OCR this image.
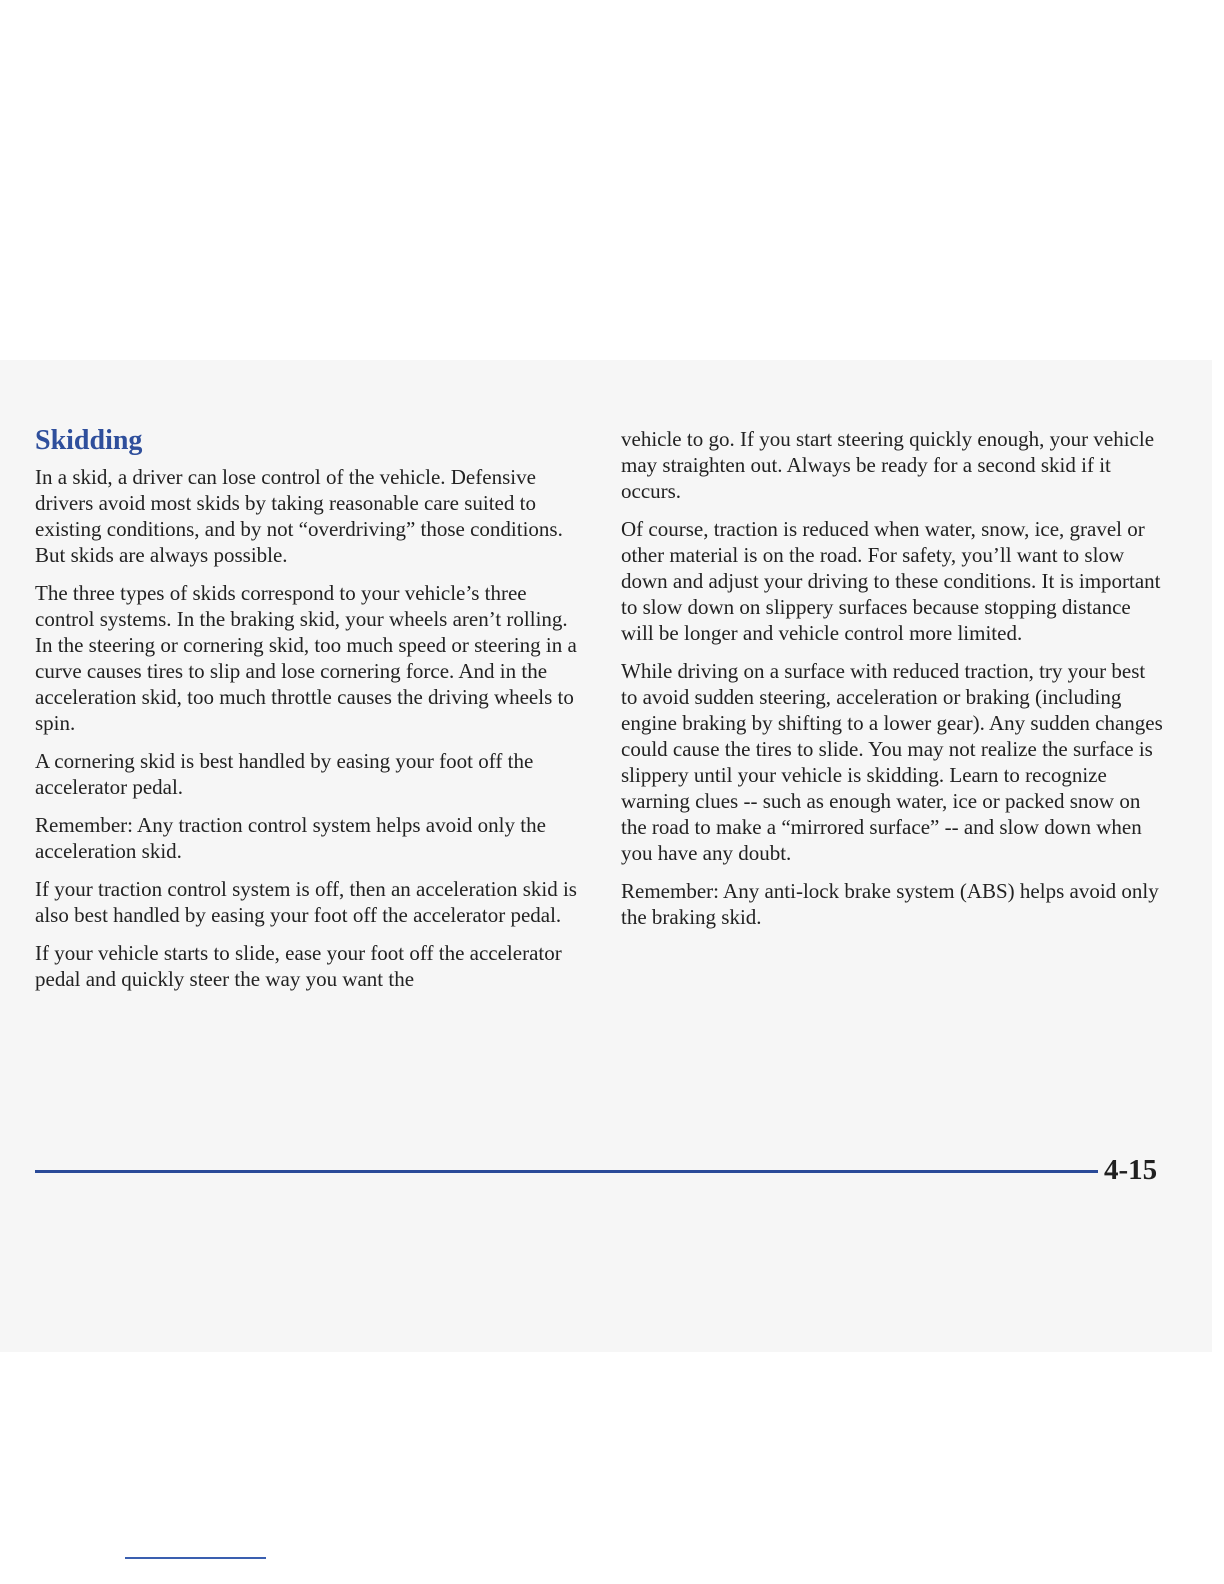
Skidding

In a skid, a driver can lose control of the vehicle. Defensive drivers avoid most skids by taking reasonable care suited to existing conditions, and by not “overdriving” those conditions. But skids are always possible.

The three types of skids correspond to your vehicle’s three control systems. In the braking skid, your wheels aren’t rolling. In the steering or cornering skid, too much speed or steering in a curve causes tires to slip and lose cornering force. And in the acceleration skid, too much throttle causes the driving wheels to spin.

A cornering skid is best handled by easing your foot off the accelerator pedal.

Remember: Any traction control system helps avoid only the acceleration skid.

If your traction control system is off, then an acceleration skid is also best handled by easing your foot off the accelerator pedal.

If your vehicle starts to slide, ease your foot off the accelerator pedal and quickly steer the way you want the

vehicle to go. If you start steering quickly enough, your vehicle may straighten out. Always be ready for a second skid if it occurs.

Of course, traction is reduced when water, snow, ice, gravel or other material is on the road. For safety, you’ll want to slow down and adjust your driving to these conditions. It is important to slow down on slippery surfaces because stopping distance will be longer and vehicle control more limited.

While driving on a surface with reduced traction, try your best to avoid sudden steering, acceleration or braking (including engine braking by shifting to a lower gear). Any sudden changes could cause the tires to slide. You may not realize the surface is slippery until your vehicle is skidding. Learn to recognize warning clues -- such as enough water, ice or packed snow on the road to make a “mirrored surface” -- and slow down when you have any doubt.

Remember: Any anti-lock brake system (ABS) helps avoid only the braking skid.

4-15
